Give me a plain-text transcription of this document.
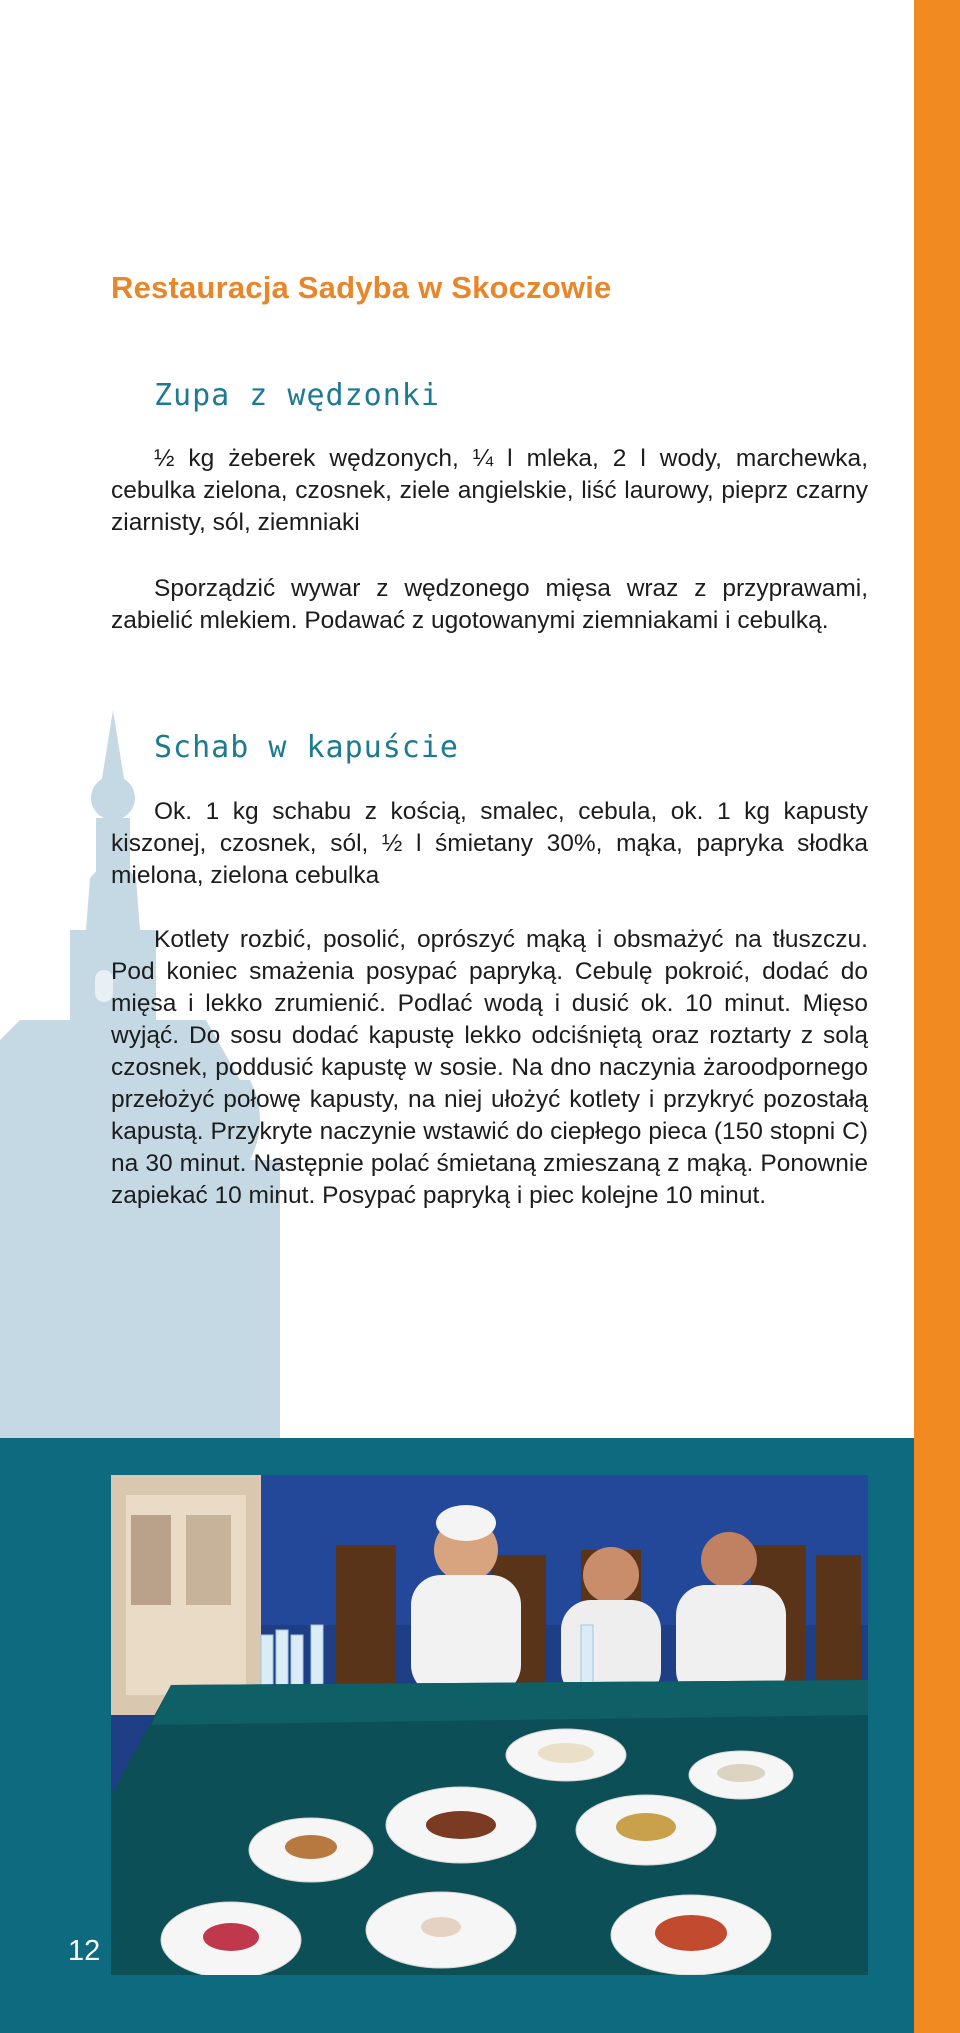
Restauracja Sadyba w Skoczowie
Zupa z wędzonki

½ kg żeberek wędzonych, ¼ l mleka, 2 l wody, marchewka, cebulka zielona, czosnek, ziele angielskie, liść laurowy, pieprz czarny ziarnisty, sól, ziemniaki

Sporządzić wywar z wędzonego mięsa wraz z przyprawami, zabielić mlekiem. Podawać z ugotowanymi ziemniakami i cebulką.

Schab w kapuście

Ok. 1 kg schabu z kością, smalec, cebula, ok. 1 kg kapusty kiszonej, czosnek, sól, ½ l śmietany 30%, mąka, papryka słodka mielona, zielona cebulka

Kotlety rozbić, posolić, oprószyć mąką i obsmażyć na tłuszczu. Pod koniec smażenia posypać papryką. Cebulę pokroić, dodać do mięsa i lekko zrumienić. Podlać wodą i dusić ok. 10 minut. Mięso wyjąć. Do sosu dodać kapustę lekko odciśniętą oraz roztarty z solą czosnek, poddusić kapustę w sosie. Na dno naczynia żaroodpornego przełożyć połowę kapusty, na niej ułożyć kotlety i przykryć pozostałą kapustą. Przykryte naczynie wstawić do ciepłego pieca (150 stopni C) na 30 minut. Następnie polać śmietaną zmieszaną z mąką. Ponownie zapiekać 10 minut. Posypać papryką i piec kolejne 10 minut.

12
